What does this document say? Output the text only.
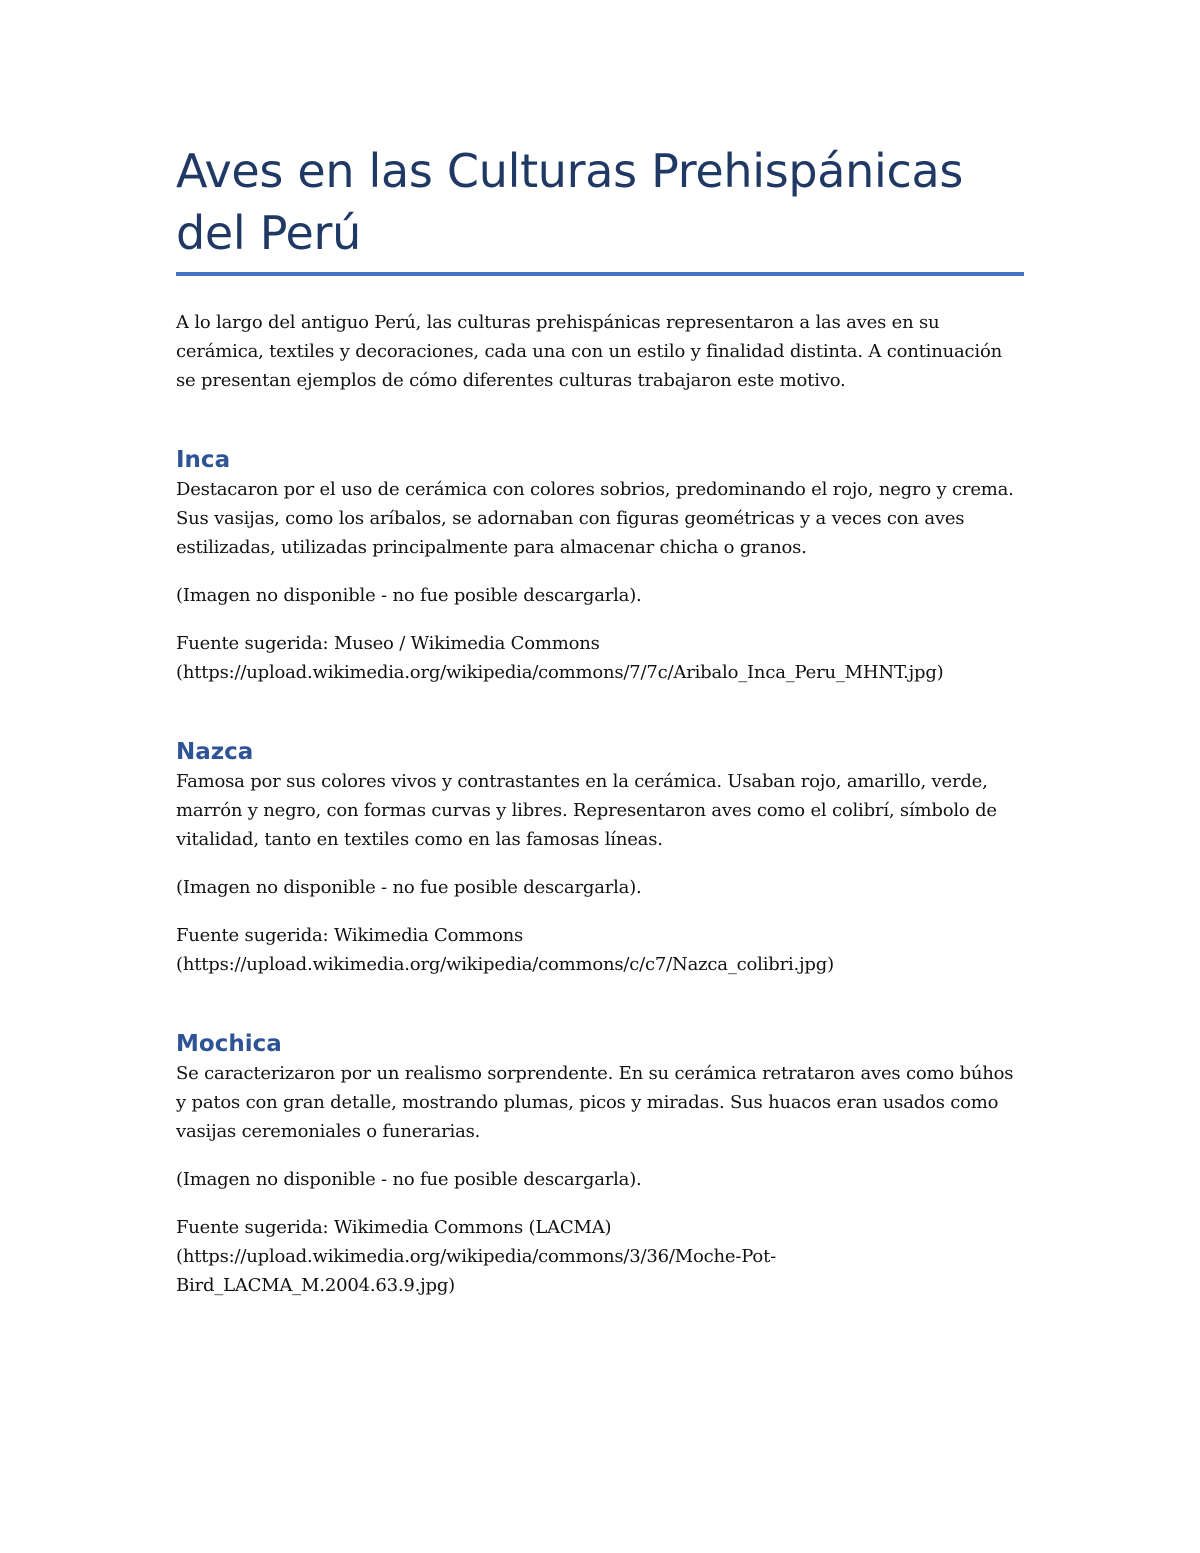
Aves en las Culturas Prehispánicas del Perú

A lo largo del antiguo Perú, las culturas prehispánicas representaron a las aves en su cerámica, textiles y decoraciones, cada una con un estilo y finalidad distinta. A continuación se presentan ejemplos de cómo diferentes culturas trabajaron este motivo.

Inca

Destacaron por el uso de cerámica con colores sobrios, predominando el rojo, negro y crema. Sus vasijas, como los aríbalos, se adornaban con figuras geométricas y a veces con aves estilizadas, utilizadas principalmente para almacenar chicha o granos.

(Imagen no disponible - no fue posible descargarla).

Fuente sugerida: Museo / Wikimedia Commons
(https://upload.wikimedia.org/wikipedia/commons/7/7c/Aribalo_Inca_Peru_MHNT.jpg)

Nazca

Famosa por sus colores vivos y contrastantes en la cerámica. Usaban rojo, amarillo, verde, marrón y negro, con formas curvas y libres. Representaron aves como el colibrí, símbolo de vitalidad, tanto en textiles como en las famosas líneas.

(Imagen no disponible - no fue posible descargarla).

Fuente sugerida: Wikimedia Commons
(https://upload.wikimedia.org/wikipedia/commons/c/c7/Nazca_colibri.jpg)

Mochica

Se caracterizaron por un realismo sorprendente. En su cerámica retrataron aves como búhos y patos con gran detalle, mostrando plumas, picos y miradas. Sus huacos eran usados como vasijas ceremoniales o funerarias.

(Imagen no disponible - no fue posible descargarla).

Fuente sugerida: Wikimedia Commons (LACMA)
(https://upload.wikimedia.org/wikipedia/commons/3/36/Moche-Pot-Bird_LACMA_M.2004.63.9.jpg)
